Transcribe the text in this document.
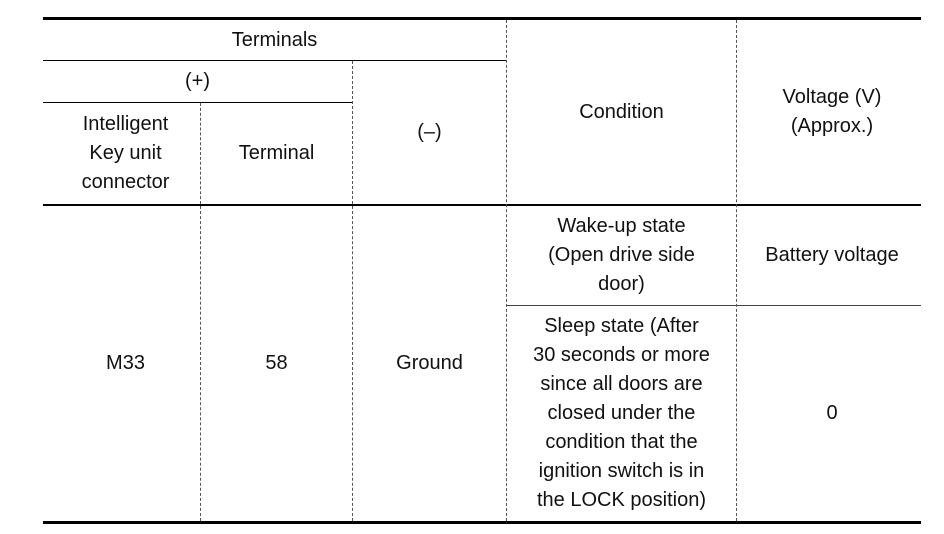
Terminals
(+)
(–)
Intelligent
Key unit
connector
Terminal
Condition
Voltage (V)
(Approx.)
M33	58	Ground
Wake-up state
(Open drive side
door)
Battery voltage
Sleep state (After
30 seconds or more
since all doors are
closed under the
condition that the
ignition switch is in
the LOCK position)
0
